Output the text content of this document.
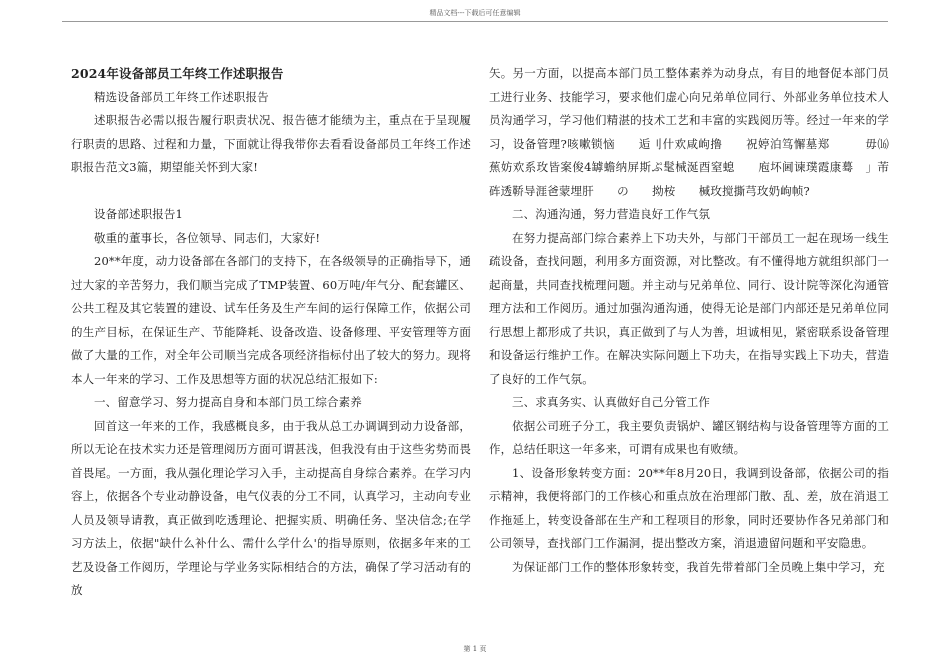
精品文档---下载后可任意编辑

2024年设备部员工年终工作述职报告

精选设备部员工年终工作述职报告

述职报告必需以报告履行职责状况、报告德才能绩为主，重点在于呈现履行职责的思路、过程和力量，下面就让得我带你去看看设备部员工年终工作述职报告范文3篇，期望能关怀到大家!

设备部述职报告1

敬重的董事长，各位领导、同志们，大家好!

20**年度，动力设备部在各部门的支持下，在各级领导的正确指导下，通过大家的辛苦努力，我们顺当完成了TMP装置、60万吨/年气分、配套罐区、公共工程及其它装置的建设、试车任务及生产车间的运行保障工作，依据公司的生产目标，在保证生产、节能降耗、设备改造、设备修理、平安管理等方面做了大量的工作，对全年公司顺当完成各项经济指标付出了较大的努力。现将本人一年来的学习、工作及思想等方面的状况总结汇报如下:

一、留意学习、努力提高自身和本部门员工综合素养

回首这一年来的工作，我感概良多，由于我从总工办调调到动力设备部，所以无论在技术实力还是管理阅历方面可谓甚浅，但我没有由于这些劣势而畏首畏尾。一方面，我从强化理论学习入手，主动提高自身综合素养。在学习内容上，依据各个专业动静设备，电气仪表的分工不同，认真学习，主动向专业人员及领导请教，真正做到吃透理论、把握实质、明确任务、坚决信念;在学习方法上，依据"缺什么补什么、需什么学什么'的指导原则，依据多年来的工艺及设备工作阅历，学理论与学业务实际相结合的方法，确保了学习活动有的放

矢。另一方面，以提高本部门员工整体素养为动身点，有目的地督促本部门员工进行业务、技能学习，要求他们虚心向兄弟单位同行、外部业务单位技术人员沟通学习，学习他们精湛的技术工艺和丰富的实践阅历等。经过一年来的学习，设备管理?咳嗽锁恼　　逅刂什欢咸岣撸　　祝婷泊笃懈墓郑　　　毋⒃蕉妨欢系玫皆案俊4罅蟾纳屏斯ぷ髦械涎酉窒螅　　庖坏阃谏璞霞康蓦　」芾砗透鞒导涯爸蒙埋肝　　の　　拗桉　　椷玫搅撕芎玫奶岣帧?

二、沟通沟通，努力营造良好工作气氛

在努力提高部门综合素养上下功夫外，与部门干部员工一起在现场一线生疏设备，查找问题，利用多方面资源，对比整改。有不懂得地方就组织部门一起商量，共同查找梳理问题。并主动与兄弟单位、同行、设计院等深化沟通管理方法和工作阅历。通过加强沟通沟通，使得无论是部门内部还是兄弟单位同行思想上都形成了共识，真正做到了与人为善，坦诚相见，紧密联系设备管理和设备运行维护工作。在解决实际问题上下功夫，在指导实践上下功夫，营造了良好的工作气氛。

三、求真务实、认真做好自己分管工作

依据公司班子分工，我主要负责锅炉、罐区钢结构与设备管理等方面的工作，总结任职这一年多来，可谓有成果也有败绩。

1、设备形象转变方面：20**年8月20日，我调到设备部，依据公司的指示精神，我便将部门的工作核心和重点放在治理部门散、乱、差，放在消退工作拖延上，转变设备部在生产和工程项目的形象，同时还要协作各兄弟部门和公司领导，查找部门工作漏洞，提出整改方案，消退遗留问题和平安隐患。

为保证部门工作的整体形象转变，我首先带着部门全员晚上集中学习，充

第 1 页
